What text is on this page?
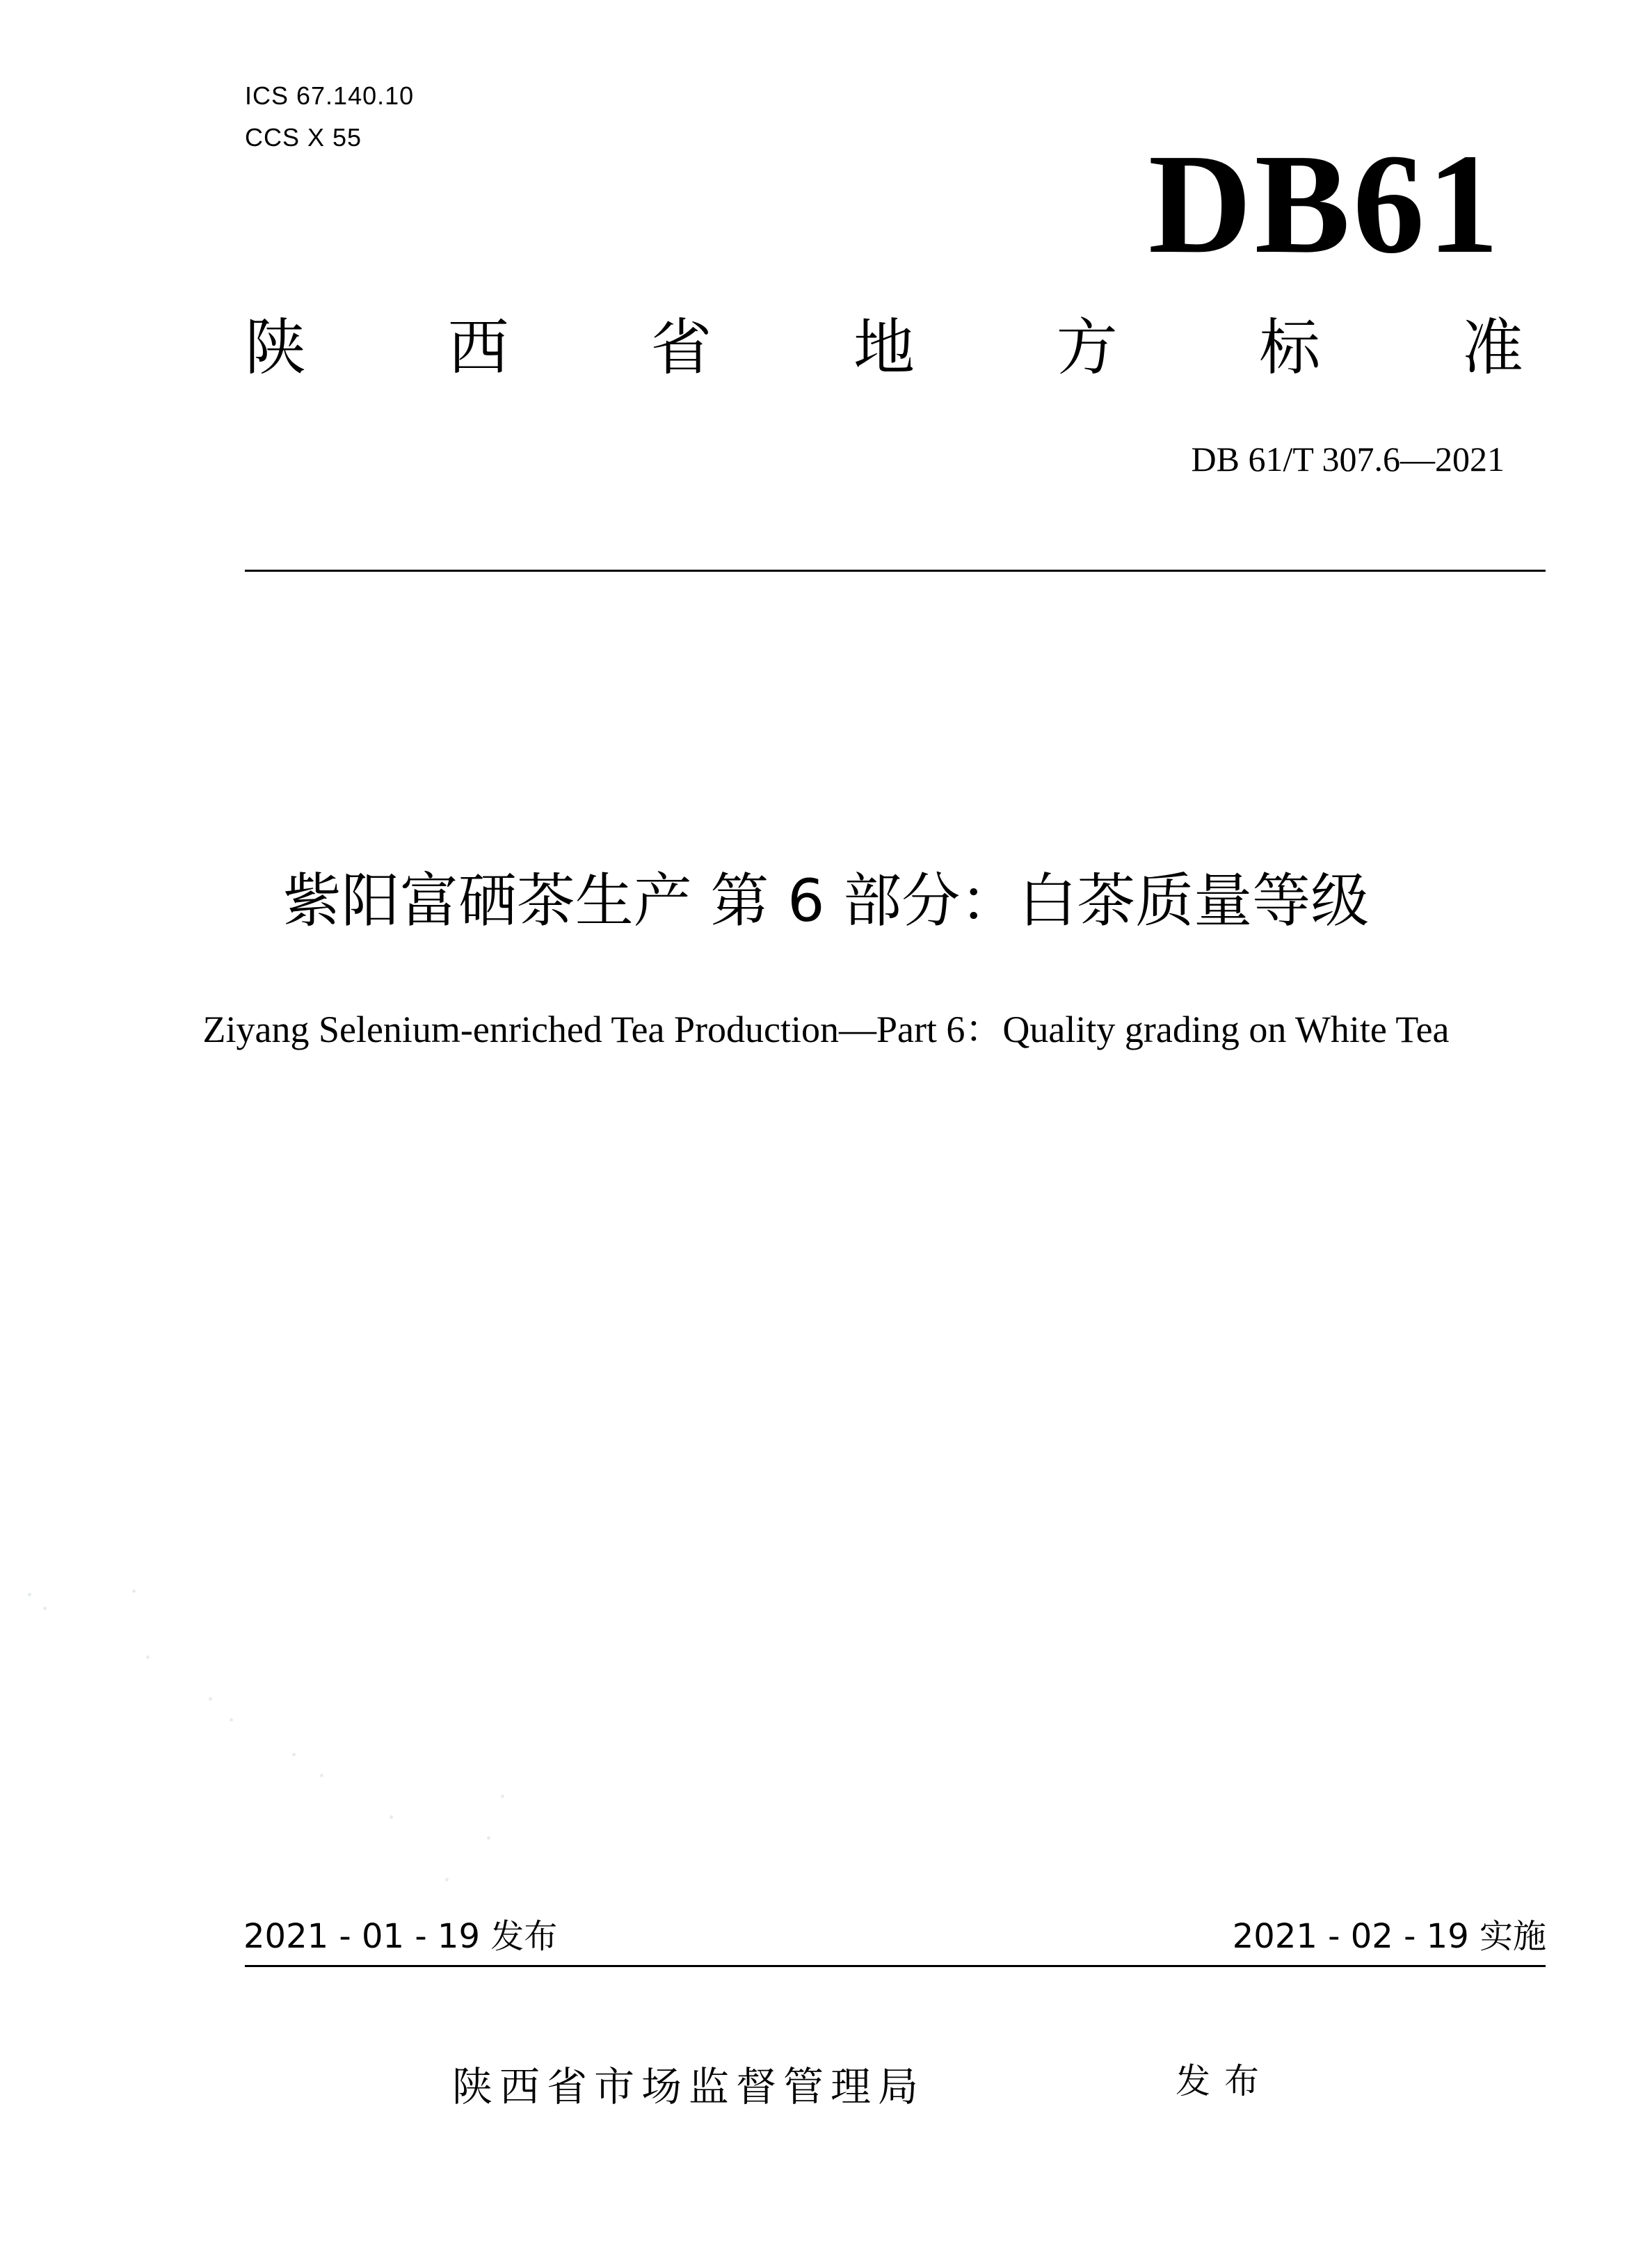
ICS 67.140.10
CCS X 55	DB61
陕 西 省 地 方 标 准
DB 61/T 307.6—2021
紫阳富硒茶生产 第 6 部分：白茶质量等级
Ziyang Selenium-enriched Tea Production—Part 6：Quality grading on White Tea
2021 - 01 - 19 发布	2021 - 02 - 19 实施
陕西省市场监督管理局	发布
